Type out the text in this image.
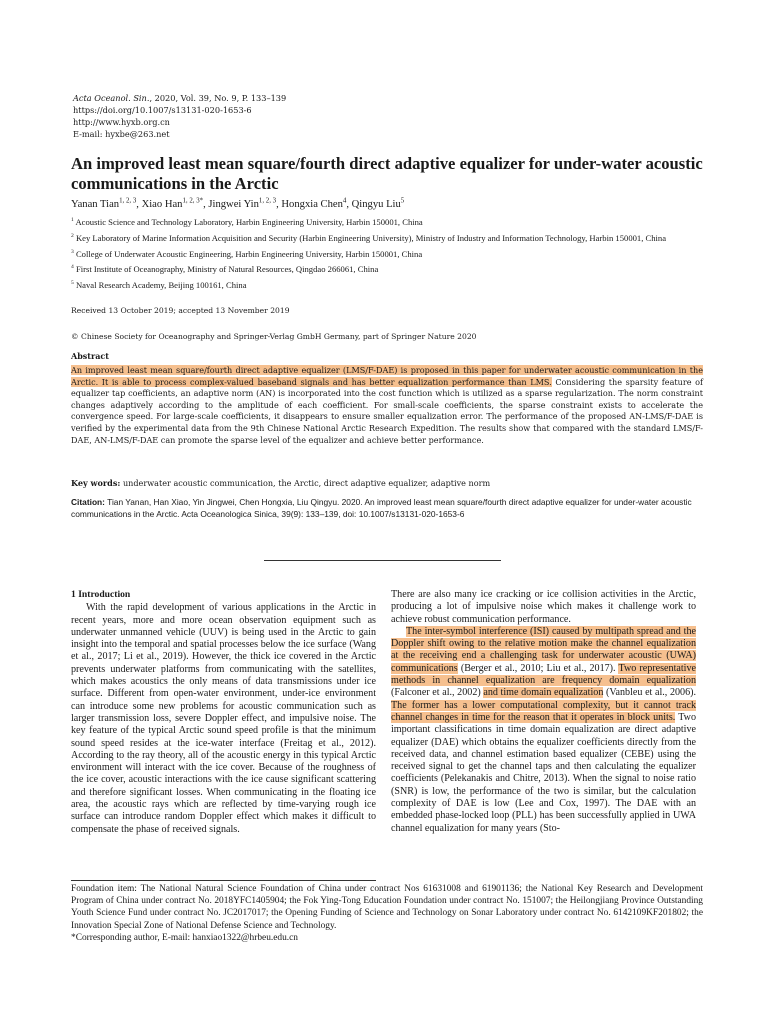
Acta Oceanol. Sin., 2020, Vol. 39, No. 9, P. 133–139
https://doi.org/10.1007/s13131-020-1653-6
http://www.hyxb.org.cn
E-mail: hyxbe@263.net
An improved least mean square/fourth direct adaptive equalizer for under-water acoustic communications in the Arctic
Yanan Tian$^{1, 2, 3}$, Xiao Han$^{1, 2, 3*}$, Jingwei Yin$^{1, 2, 3}$, Hongxia Chen$^4$, Qingyu Liu$^5$
$^1$ Acoustic Science and Technology Laboratory, Harbin Engineering University, Harbin 150001, China
$^2$ Key Laboratory of Marine Information Acquisition and Security (Harbin Engineering University), Ministry of Industry and Information Technology, Harbin 150001, China
$^3$ College of Underwater Acoustic Engineering, Harbin Engineering University, Harbin 150001, China
$^4$ First Institute of Oceanography, Ministry of Natural Resources, Qingdao 266061, China
$^5$ Naval Research Academy, Beijing 100161, China
Received 13 October 2019; accepted 13 November 2019
© Chinese Society for Oceanography and Springer-Verlag GmbH Germany, part of Springer Nature 2020
Abstract
An improved least mean square/fourth direct adaptive equalizer (LMS/F-DAE) is proposed in this paper for underwater acoustic communication in the Arctic. It is able to process complex-valued baseband signals and has better equalization performance than LMS. Considering the sparsity feature of equalizer tap coefficients, an adaptive norm (AN) is incorporated into the cost function which is utilized as a sparse regularization. The norm constraint changes adaptively according to the amplitude of each coefficient. For small-scale coefficients, the sparse constraint exists to accelerate the convergence speed. For large-scale coefficients, it disappears to ensure smaller equalization error. The performance of the proposed AN-LMS/F-DAE is verified by the experimental data from the 9th Chinese National Arctic Research Expedition. The results show that compared with the standard LMS/F-DAE, AN-LMS/F-DAE can promote the sparse level of the equalizer and achieve better performance.
Key words: underwater acoustic communication, the Arctic, direct adaptive equalizer, adaptive norm
Citation: Tian Yanan, Han Xiao, Yin Jingwei, Chen Hongxia, Liu Qingyu. 2020. An improved least mean square/fourth direct adaptive equalizer for under-water acoustic communications in the Arctic. Acta Oceanologica Sinica, 39(9): 133–139, doi: 10.1007/s13131-020-1653-6
1 Introduction

With the rapid development of various applications in the Arctic in recent years, more and more ocean observation equipment such as underwater unmanned vehicle (UUV) is being used in the Arctic to gain insight into the temporal and spatial processes below the ice surface (Wang et al., 2017; Li et al., 2019). However, the thick ice covered in the Arctic prevents underwater platforms from communicating with the satellites, which makes acoustics the only means of data transmissions under ice surface. Different from open-water environment, under-ice environment can introduce some new problems for acoustic communication such as larger transmission loss, severe Doppler effect, and impulsive noise. The key feature of the typical Arctic sound speed profile is that the minimum sound speed resides at the ice-water interface (Freitag et al., 2012). According to the ray theory, all of the acoustic energy in this typical Arctic environment will interact with the ice cover. Because of the roughness of the ice cover, acoustic interactions with the ice cause significant scattering and therefore significant losses. When communicating in the floating ice area, the acoustic rays which are reflected by time-varying rough ice surface can introduce random Doppler effect which makes it difficult to compensate the phase of received signals.

There are also many ice cracking or ice collision activities in the Arctic, producing a lot of impulsive noise which makes it challenge work to achieve robust communication performance.

The inter-symbol interference (ISI) caused by multipath spread and the Doppler shift owing to the relative motion make the channel equalization at the receiving end a challenging task for underwater acoustic (UWA) communications (Berger et al., 2010; Liu et al., 2017). Two representative methods in channel equalization are frequency domain equalization (Falconer et al., 2002) and time domain equalization (Vanbleu et al., 2006). The former has a lower computational complexity, but it cannot track channel changes in time for the reason that it operates in block units. Two important classifications in time domain equalization are direct adaptive equalizer (DAE) which obtains the equalizer coefficients directly from the received data, and channel estimation based equalizer (CEBE) using the received signal to get the channel taps and then calculating the equalizer coefficients (Pelekanakis and Chitre, 2013). When the signal to noise ratio (SNR) is low, the performance of the two is similar, but the calculation complexity of DAE is low (Lee and Cox, 1997). The DAE with an embedded phase-locked loop (PLL) has been successfully applied in UWA channel equalization for many years (Sto-

Foundation item: The National Natural Science Foundation of China under contract Nos 61631008 and 61901136; the National Key Research and Development Program of China under contract No. 2018YFC1405904; the Fok Ying-Tong Education Foundation under contract No. 151007; the Heilongjiang Province Outstanding Youth Science Fund under contract No. JC2017017; the Opening Funding of Science and Technology on Sonar Laboratory under contract No. 6142109KF201802; the Innovation Special Zone of National Defense Science and Technology.

*Corresponding author, E-mail: hanxiao1322@hrbeu.edu.cn
